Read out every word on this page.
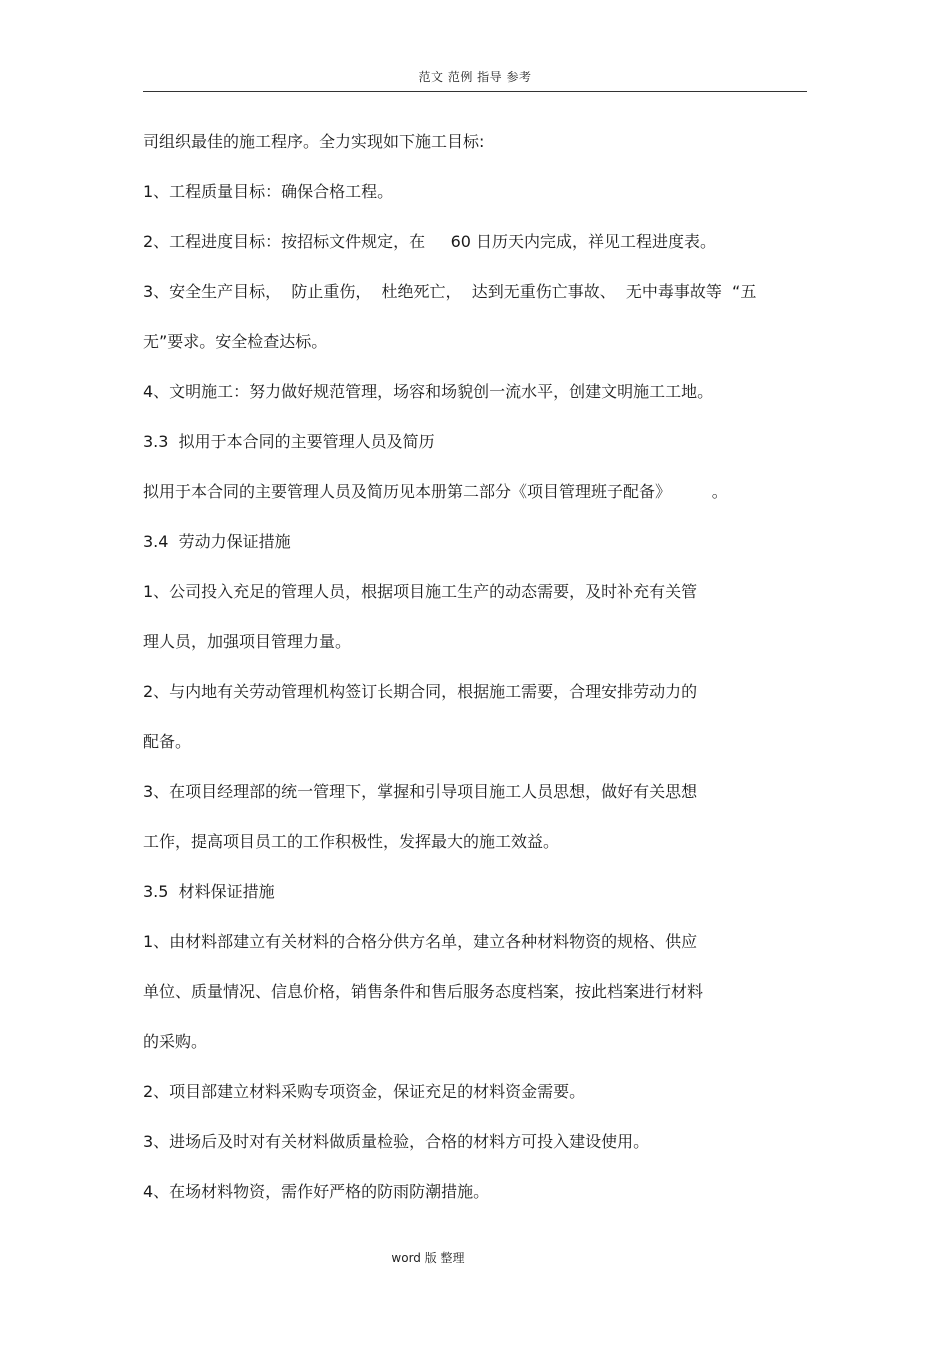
范文 范例 指导 参考
司组织最佳的施工程序。全力实现如下施工目标:
1、工程质量目标：确保合格工程。
2、工程进度目标：按招标文件规定，在     60 日历天内完成，祥见工程进度表。
3、安全生产目标，  防止重伤，  杜绝死亡，  达到无重伤亡事故、  无中毒事故等  “五
无”要求。安全检查达标。
4、文明施工：努力做好规范管理，场容和场貌创一流水平，创建文明施工工地。
3.3  拟用于本合同的主要管理人员及简历
拟用于本合同的主要管理人员及简历见本册第二部分《项目管理班子配备》        。
3.4  劳动力保证措施
1、公司投入充足的管理人员，根据项目施工生产的动态需要，及时补充有关管
理人员，加强项目管理力量。
2、与内地有关劳动管理机构签订长期合同，根据施工需要，合理安排劳动力的
配备。
3、在项目经理部的统一管理下，掌握和引导项目施工人员思想，做好有关思想
工作，提高项目员工的工作积极性，发挥最大的施工效益。
3.5  材料保证措施
1、由材料部建立有关材料的合格分供方名单，建立各种材料物资的规格、供应
单位、质量情况、信息价格，销售条件和售后服务态度档案，按此档案进行材料
的采购。
2、项目部建立材料采购专项资金，保证充足的材料资金需要。
3、进场后及时对有关材料做质量检验，合格的材料方可投入建设使用。
4、在场材料物资，需作好严格的防雨防潮措施。
word 版 整理
